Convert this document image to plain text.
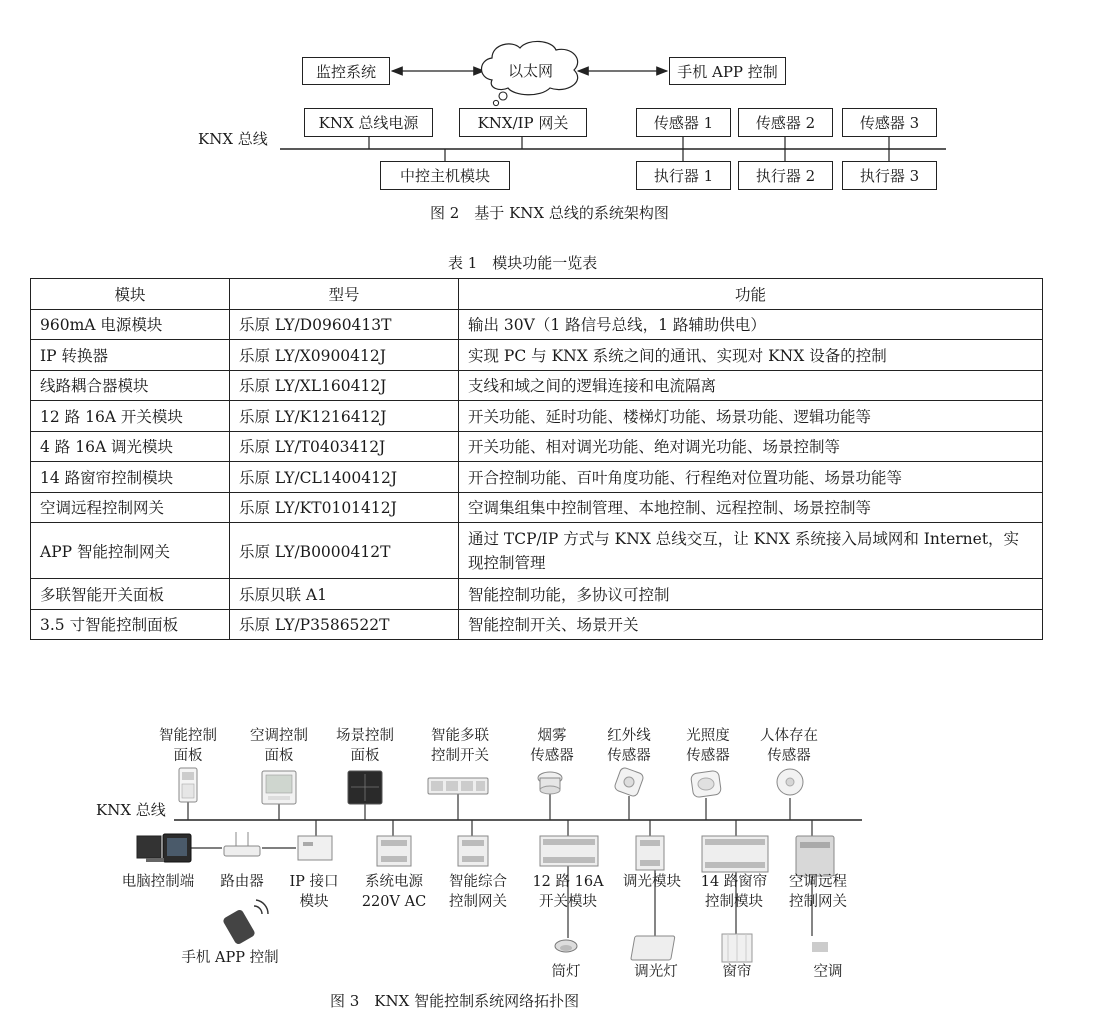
监控系统	以太网	手机 APP 控制
KNX 总线
KNX 总线电源	KNX/IP 网关	传感器 1	传感器 2	传感器 3
中控主机模块	执行器 1	执行器 2	执行器 3
图 2　基于 KNX 总线的系统架构图
表 1　模块功能一览表
模块	型号	功能
960mA 电源模块	乐原 LY/D0960413T	输出 30V（1 路信号总线，1 路辅助供电）
IP 转换器	乐原 LY/X0900412J	实现 PC 与 KNX 系统之间的通讯、实现对 KNX 设备的控制
线路耦合器模块	乐原 LY/XL160412J	支线和域之间的逻辑连接和电流隔离
12 路 16A 开关模块	乐原 LY/K1216412J	开关功能、延时功能、楼梯灯功能、场景功能、逻辑功能等
4 路 16A 调光模块	乐原 LY/T0403412J	开关功能、相对调光功能、绝对调光功能、场景控制等
14 路窗帘控制模块	乐原 LY/CL1400412J	开合控制功能、百叶角度功能、行程绝对位置功能、场景功能等
空调远程控制网关	乐原 LY/KT0101412J	空调集组集中控制管理、本地控制、远程控制、场景控制等
APP 智能控制网关	乐原 LY/B0000412T	通过 TCP/IP 方式与 KNX 总线交互，让 KNX 系统接入局域网和 Internet，实现控制管理
多联智能开关面板	乐原贝联 A1	智能控制功能，多协议可控制
3.5 寸智能控制面板	乐原 LY/P3586522T	智能控制开关、场景开关
KNX 总线
智能控制
面板
空调控制
面板
场景控制
面板
智能多联
控制开关
烟雾
传感器
红外线
传感器
光照度
传感器
人体存在
传感器
电脑控制端 路由器 IP 接口
模块
系统电源
220V AC
智能综合
控制网关
12 路 16A
开关模块
调光模块 14 路窗帘
控制模块
空调远程
控制网关
手机 APP 控制
筒灯	调光灯	窗帘	空调
图 3　KNX 智能控制系统网络拓扑图
